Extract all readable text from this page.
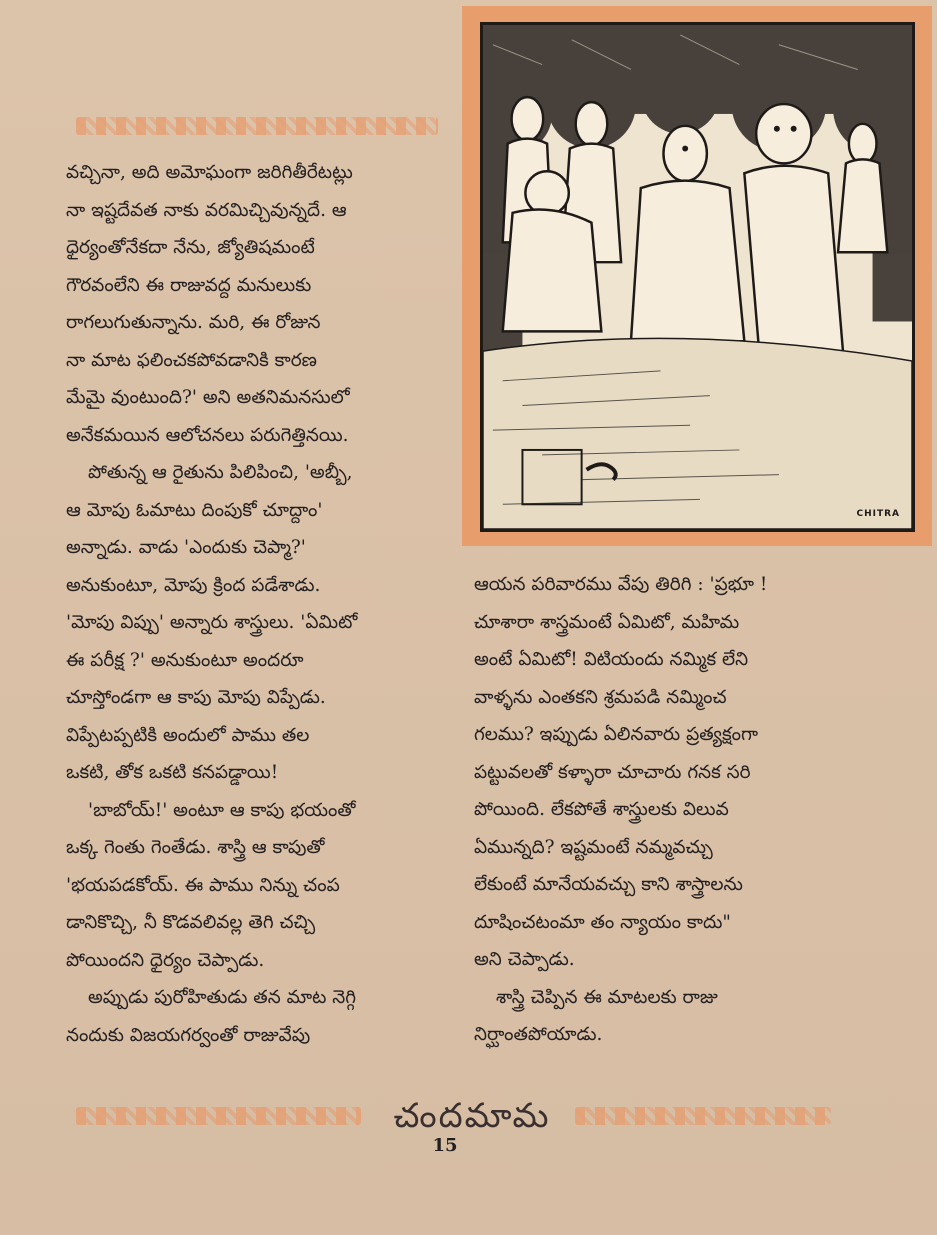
CHITRA
వచ్చినా, అది అమోఘంగా జరిగితీరేటట్లు
నా ఇష్టదేవత నాకు వరమిచ్చివున్నదే. ఆ
ధైర్యంతోనేకదా నేను, జ్యోతిషమంటే
గౌరవంలేని ఈ రాజువద్ద మనులుకు
రాగలుగుతున్నాను. మరి, ఈ రోజున
నా మాట ఫలించకపోవడానికి కారణ
మేమై వుంటుంది?' అని అతనిమనసులో
అనేకమయిన ఆలోచనలు పరుగెత్తినయి.
పోతున్న ఆ రైతును పిలిపించి, 'అబ్బీ,
ఆ మోపు ఓమాటు దింపుకో చూద్దాం'
అన్నాడు. వాడు 'ఎందుకు చెప్మా?'
అనుకుంటూ, మోపు క్రింద పడేశాడు.
'మోపు విప్పు' అన్నారు శాస్త్రులు. 'ఏమిటో
ఈ పరీక్ష ?' అనుకుంటూ అందరూ
చూస్తోండగా ఆ కాపు మోపు విప్పేడు.
విప్పేటప్పటికి అందులో పాము తల
ఒకటి, తోక ఒకటి కనపడ్డాయి!
'బాబోయ్!' అంటూ ఆ కాపు భయంతో
ఒక్క గెంతు గెంతేడు. శాస్త్రి ఆ కాపుతో
'భయపడకోయ్. ఈ పాము నిన్ను చంప
డానికొచ్చి, నీ కొడవలివల్ల తెగి చచ్చి
పోయిందని ధైర్యం చెప్పాడు.
అప్పుడు పురోహితుడు తన మాట నెగ్గి
నందుకు విజయగర్వంతో రాజువేపు
ఆయన పరివారము వేపు తిరిగి : 'ప్రభూ !
చూశారా శాస్త్రమంటే ఏమిటో, మహిమ
అంటే ఏమిటో! విటియందు నమ్మిక లేని
వాళ్ళను ఎంతకని శ్రమపడి నమ్మించ
గలము? ఇప్పుడు ఏలినవారు ప్రత్యక్షంగా
పట్టువలతో కళ్ళారా చూచారు గనక సరి
పోయింది. లేకపోతే శాస్త్రులకు విలువ
ఏమున్నది? ఇష్టమంటే నమ్మవచ్చు
లేకుంటే మానేయవచ్చు కాని శాస్త్రాలను
దూషించటంమా తం న్యాయం కాదు"
అని చెప్పాడు.
శాస్త్రి చెప్పిన ఈ మాటలకు రాజు
నిర్ఘాంతపోయాడు.
చందమామ
15
